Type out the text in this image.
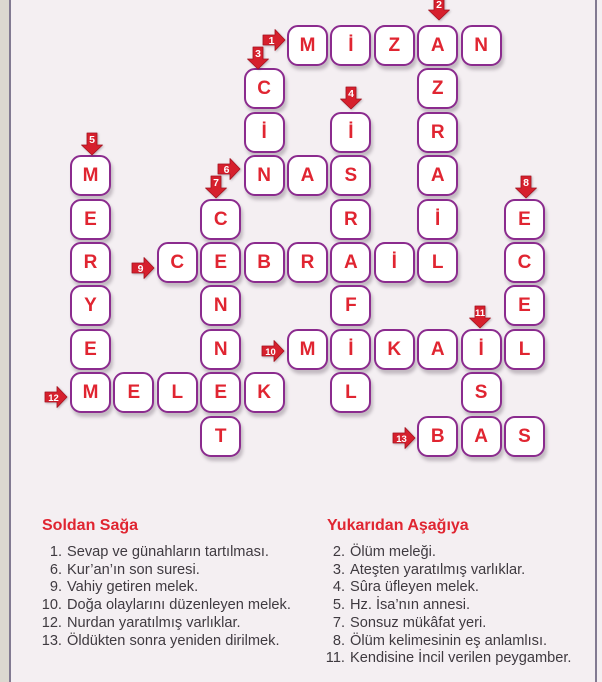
M İ Z A N
C	Z
İ	İ	R
M	N A S	A
E	C	R	İ	E
R	C E B R A İ L	C
Y	N	F	E
E	N	M İ K A İ L
M E L E K	L	S
T	B A S
1
2
3
4
5
6
7	8
9
10
11
12
13
Soldan Sağa
1. Sevap ve günahların tartılması.
6. Kur’an’ın son suresi.
9. Vahiy getiren melek.
10. Doğa olaylarını düzenleyen melek.
12. Nurdan yaratılmış varlıklar.
13. Öldükten sonra yeniden dirilmek.
Yukarıdan Aşağıya
2. Ölüm meleği.
3. Ateşten yaratılmış varlıklar.
4. Sûra üfleyen melek.
5. Hz. İsa’nın annesi.
7. Sonsuz mükâfat yeri.
8. Ölüm kelimesinin eş anlamlısı.
11. Kendisine İncil verilen peygamber.
